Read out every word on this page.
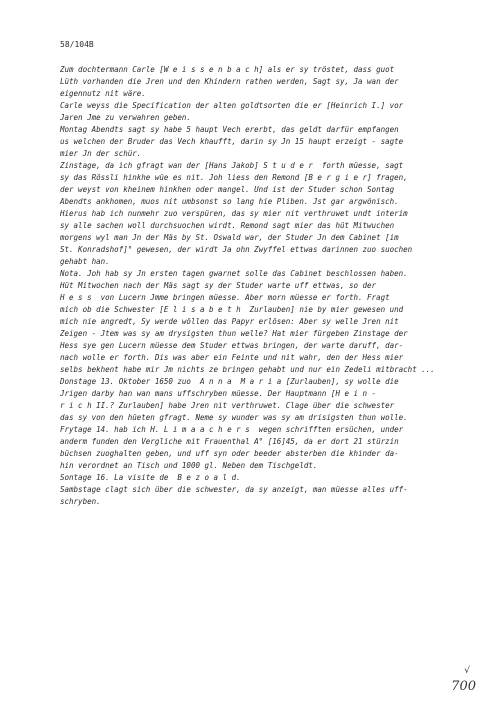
58/104B
Zum dochtermann Carle [W e i s s e n b a c h] als er sy tröstet, dass guot
Lüth vorhanden die Jren und den Khindern rathen werden, Sagt sy, Ja wan der
eigennutz nit wäre.
Carle weyss die Specification der alten goldtsorten die er [Heinrich I.] vor
Jaren Jme zu verwahren geben.
Montag Abendts sagt sy habe 5 haupt Vech ererbt, das geldt darfür empfangen
us welchen der Bruder das Vech khaufft, darin sy Jn 15 haupt erzeigt - sagte
mier Jn der schür.
Zinstage, da ich gfragt wan der [Hans Jakob] S t u d e r  forth müesse, sagt
sy das Rössli hinkhe wüe es nit. Joh liess den Remond [B e r g i e r] fragen,
der weyst von kheinem hinkhen oder mangel. Und ist der Studer schon Sontag
Abendts ankhomen, muos nit umbsonst so lang hie Pliben. Jst gar argwönisch.
Hierus hab ich nunmehr zuo verspüren, das sy mier nit verthruwet undt interim
sy alle sachen woll durchsuochen wirdt. Remond sagt mier das hüt Mitwuchen
morgens wyl man Jn der Mäs by St. Oswald war, der Studer Jn dem Cabinet [im
St. Konradshof]° gewesen, der wirdt Ja ohn Zwyffel ettwas darinnen zuo suochen
gehabt han.
Nota. Joh hab sy Jn ersten tagen gwarnet solle das Cabinet beschlossen haben.
Hüt Mitwochen nach der Mäs sagt sy der Studer warte uff ettwas, so der
H e s s  von Lucern Jmme bringen müesse. Aber morn müesse er forth. Fragt
mich ob die Schwester [E l i s a b e t h  Zurlauben] nie by mier gewesen und
mich nie angredt, Sy werde wöllen das Papyr erlösen: Aber sy welle Jren nit
Zeigen - Jtem was sy am drysigsten thun welle? Hat mier fürgeben Zinstage der
Hess sye gen Lucern müesse dem Studer ettwas bringen, der warte daruff, dar-
nach wolle er forth. Dis was aber ein Feinte und nit wahr, den der Hess mier
selbs bekhent habe mir Jm nichts ze bringen gehabt und nur ein Zedeli mitbracht ...
Donstage 13. Oktober 1650 zuo  A n n a  M a r i a [Zurlauben], sy wolle die
Jrigen darby han wan mans uffschryben müesse. Der Hauptmann [H e i n -
r i c h II.? Zurlauben] habe Jren nit verthruwet. Clage über die schwester
das sy von den hüeten gfragt. Neme sy wunder was sy am drisigsten thun wolle.
Frytage 14. hab ich H. L i m a a c h e r s  wegen schrifften ersüchen, under
anderm funden den Vergliche mit Frauenthal A° [16]45, da er dort 21 stürzin
büchsen zuoghalten geben, und uff syn oder beeder absterben die khinder da-
hin verordnet an Tisch und 1000 gl. Neben dem Tischgeldt.
Sontage 16. La visite de  B e z o a l d.
Sambstage clagt sich über die schwester, da sy anzeigt, man müesse alles uff-
schryben.
√
700
